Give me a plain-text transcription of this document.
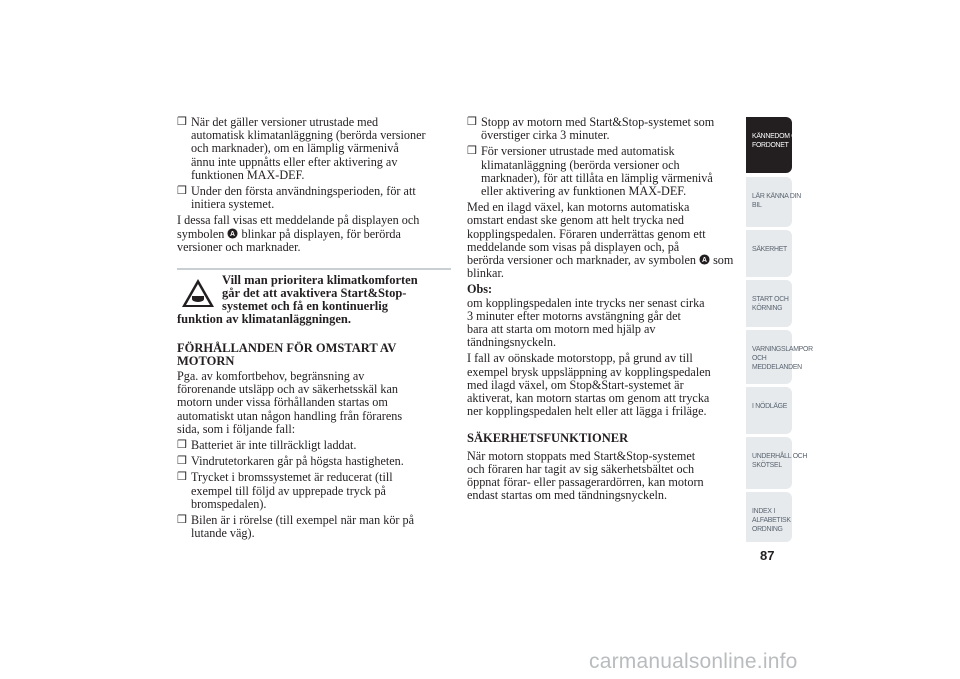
❒ När det gäller versioner utrustade med
automatisk klimatanläggning (berörda versioner
och marknader), om en lämplig värmenivå
ännu inte uppnåtts eller efter aktivering av
funktionen MAX-DEF.
❒ Under den första användningsperioden, för att
initiera systemet.

I dessa fall visas ett meddelande på displayen och
symbolen A blinkar på displayen, för berörda
versioner och marknader.

Vill man prioritera klimatkomforten
går det att avaktivera Start&Stop-
systemet och få en kontinuerlig
funktion av klimatanläggningen.
FÖRHÅLLANDEN FÖR OMSTART AV
MOTORN

Pga. av komfortbehov, begränsning av
förorenande utsläpp och av säkerhetsskäl kan
motorn under vissa förhållanden startas om
automatiskt utan någon handling från förarens
sida, som i följande fall:

❒ Batteriet är inte tillräckligt laddat.
❒ Vindrutetorkaren går på högsta hastigheten.
❒ Trycket i bromssystemet är reducerat (till
exempel till följd av upprepade tryck på
bromspedalen).
❒ Bilen är i rörelse (till exempel när man kör på
lutande väg).
❒ Stopp av motorn med Start&Stop-systemet som
överstiger cirka 3 minuter.
❒ För versioner utrustade med automatisk
klimatanläggning (berörda versioner och
marknader), för att tillåta en lämplig värmenivå
eller aktivering av funktionen MAX-DEF.

Med en ilagd växel, kan motorns automatiska
omstart endast ske genom att helt trycka ned
kopplingspedalen. Föraren underrättas genom ett
meddelande som visas på displayen och, på
berörda versioner och marknader, av symbolen A som blinkar.

Obs:

om kopplingspedalen inte trycks ner senast cirka
3 minuter efter motorns avstängning går det
bara att starta om motorn med hjälp av
tändningsnyckeln.

I fall av oönskade motorstopp, på grund av till
exempel brysk uppsläppning av kopplingspedalen
med ilagd växel, om Stop&Start-systemet är
aktiverat, kan motorn startas om genom att trycka
ner kopplingspedalen helt eller att lägga i friläge.

SÄKERHETSFUNKTIONER

När motorn stoppats med Start&Stop-systemet
och föraren har tagit av sig säkerhetsbältet och
öppnat förar- eller passagerardörren, kan motorn
endast startas om med tändningsnyckeln.

KÄNNEDOM OM
FORDONET
LÄR KÄNNA DIN
BIL
SÄKERHET
START OCH
KÖRNING
VARNINGSLAMPOR
OCH
MEDDELANDEN
I NÖDLÄGE
UNDERHÅLL OCH
SKÖTSEL
INDEX I
ALFABETISK
ORDNING
87
carmanualsonline.info
